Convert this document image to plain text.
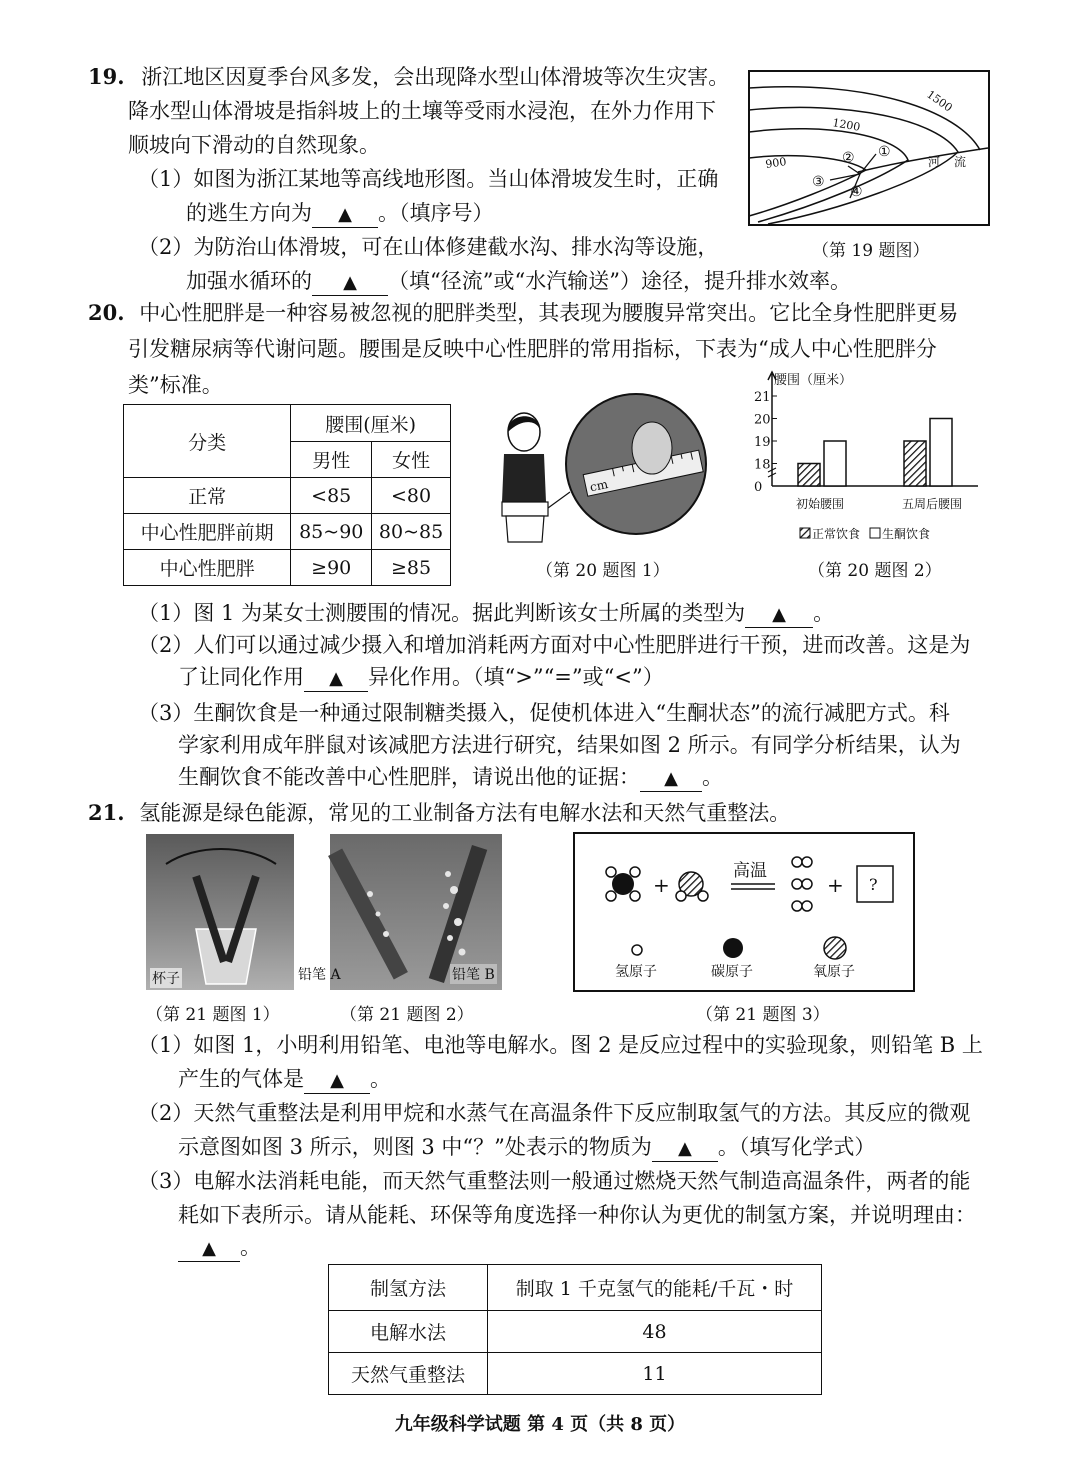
19. 浙江地区因夏季台风多发，会出现降水型山体滑坡等次生灾害。
降水型山体滑坡是指斜坡上的土壤等受雨水浸泡，在外力作用下
顺坡向下滑动的自然现象。
（1）如图为浙江某地等高线地形图。当山体滑坡发生时，正确
的逃生方向为 ▲ 。（填序号）
（2）为防治山体滑坡，可在山体修建截水沟、排水沟等设施，
加强水循环的 ▲ （填“径流”或“水汽输送”）途径，提升排水效率。
900
1200
1500
河流
①
②
③
④
（第 19 题图）
20. 中心性肥胖是一种容易被忽视的肥胖类型，其表现为腰腹异常突出。它比全身性肥胖更易
引发糖尿病等代谢问题。腰围是反映中心性肥胖的常用指标，下表为“成人中心性肥胖分
类”标准。
分类	腰围(厘米)	
	男性	女性
正常	<85	<80
中心性肥胖前期	85~90	80~85
中心性肥胖	≥90	≥85
cm
（第 20 题图 1）
腰围（厘米）
0
18
19
20
21
初始腰围	五周后腰围
正常饮食 生酮饮食
（第 20 题图 2）
（1）图 1 为某女士测腰围的情况。据此判断该女士所属的类型为 ▲ 。
（2）人们可以通过减少摄入和增加消耗两方面对中心性肥胖进行干预，进而改善。这是为
了让同化作用 ▲ 异化作用。（填“>”“=”或“<”）
（3）生酮饮食是一种通过限制糖类摄入，促使机体进入“生酮状态”的流行减肥方式。科
学家利用成年胖鼠对该减肥方法进行研究，结果如图 2 所示。有同学分析结果，认为
生酮饮食不能改善中心性肥胖，请说出他的证据： ▲ 。
21. 氢能源是绿色能源，常见的工业制备方法有电解水法和天然气重整法。
杯子
（第 21 题图 1）
铅笔 A	铅笔 B
（第 21 题图 2）
+
高温
+ ?
氢原子	碳原子	氧原子
（第 21 题图 3）
（1）如图 1，小明利用铅笔、电池等电解水。图 2 是反应过程中的实验现象，则铅笔 B 上
产生的气体是 ▲ 。
（2）天然气重整法是利用甲烷和水蒸气在高温条件下反应制取氢气的方法。其反应的微观
示意图如图 3 所示，则图 3 中“？”处表示的物质为 ▲ 。（填写化学式）
（3）电解水法消耗电能，而天然气重整法则一般通过燃烧天然气制造高温条件，两者的能
耗如下表所示。请从能耗、环保等角度选择一种你认为更优的制氢方案，并说明理由：
▲ 。
制氢方法	制取 1 千克氢气的能耗/千瓦・时
电解水法	48
天然气重整法	11
九年级科学试题 第 4 页（共 8 页）
